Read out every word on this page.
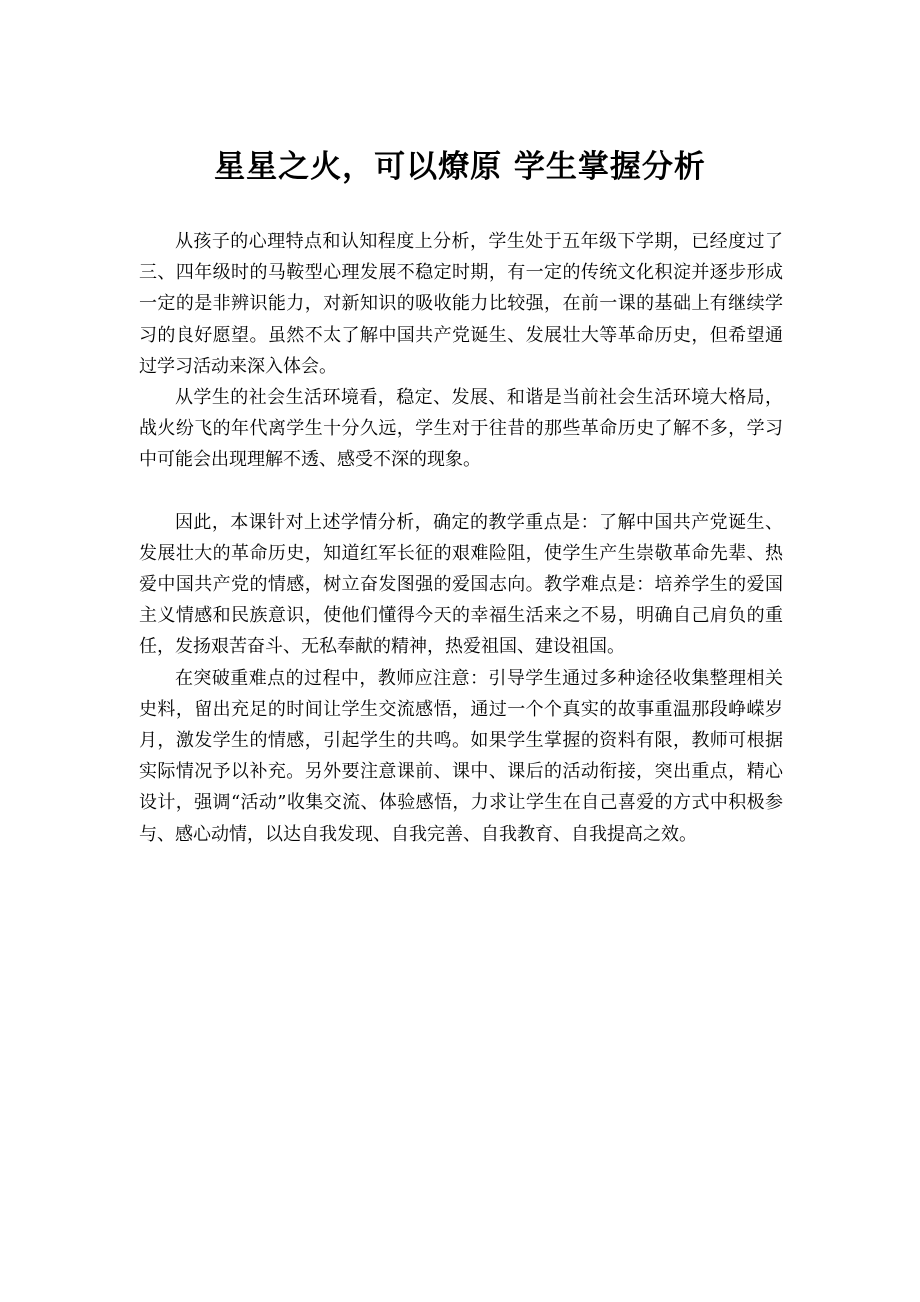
星星之火，可以燎原 学生掌握分析

从孩子的心理特点和认知程度上分析，学生处于五年级下学期，已经度过了三、四年级时的马鞍型心理发展不稳定时期，有一定的传统文化积淀并逐步形成一定的是非辨识能力，对新知识的吸收能力比较强，在前一课的基础上有继续学习的良好愿望。虽然不太了解中国共产党诞生、发展壮大等革命历史，但希望通过学习活动来深入体会。

从学生的社会生活环境看，稳定、发展、和谐是当前社会生活环境大格局，战火纷飞的年代离学生十分久远，学生对于往昔的那些革命历史了解不多，学习中可能会出现理解不透、感受不深的现象。

因此，本课针对上述学情分析，确定的教学重点是：了解中国共产党诞生、发展壮大的革命历史，知道红军长征的艰难险阻，使学生产生崇敬革命先辈、热爱中国共产党的情感，树立奋发图强的爱国志向。教学难点是：培养学生的爱国主义情感和民族意识，使他们懂得今天的幸福生活来之不易，明确自己肩负的重任，发扬艰苦奋斗、无私奉献的精神，热爱祖国、建设祖国。

在突破重难点的过程中，教师应注意：引导学生通过多种途径收集整理相关史料，留出充足的时间让学生交流感悟，通过一个个真实的故事重温那段峥嵘岁月，激发学生的情感，引起学生的共鸣。如果学生掌握的资料有限，教师可根据实际情况予以补充。另外要注意课前、课中、课后的活动衔接，突出重点，精心设计，强调“活动”收集交流、体验感悟，力求让学生在自己喜爱的方式中积极参与、感心动情，以达自我发现、自我完善、自我教育、自我提高之效。
